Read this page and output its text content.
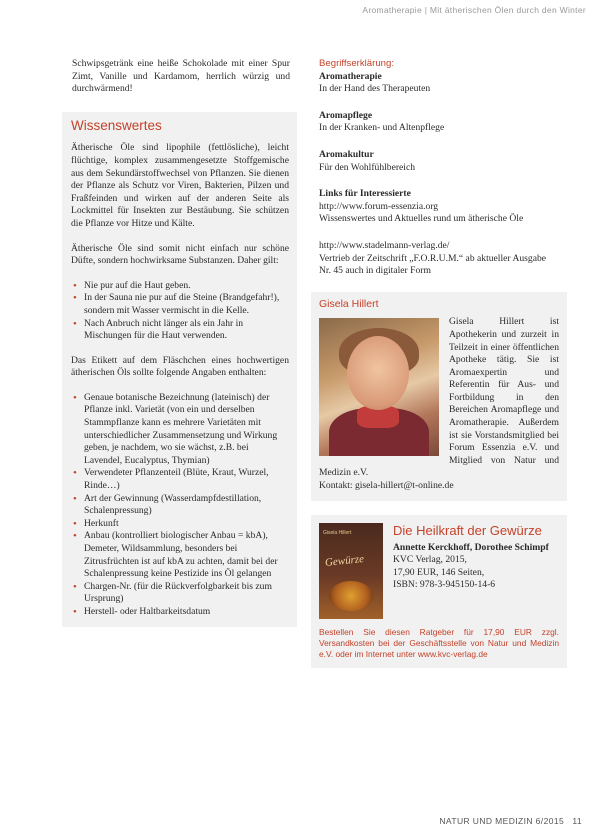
Aromatherapie | Mit ätherischen Ölen durch den Winter

Schwipsgetränk eine heiße Schokolade mit einer Spur Zimt, Vanille und Kardamom, herrlich würzig und durchwärmend!

Wissenswertes

Ätherische Öle sind lipophile (fettlösliche), leicht flüchtige, komplex zusammengesetzte Stoffgemische aus dem Sekundärstoffwechsel von Pflanzen. Sie dienen der Pflanze als Schutz vor Viren, Bakterien, Pilzen und Fraßfeinden und wirken auf der anderen Seite als Lockmittel für Insekten zur Bestäubung. Sie schützen die Pflanze vor Hitze und Kälte.

Ätherische Öle sind somit nicht einfach nur schöne Düfte, sondern hochwirksame Substanzen. Daher gilt:

• Nie pur auf die Haut geben.
• In der Sauna nie pur auf die Steine (Brandgefahr!), sondern mit Wasser vermischt in die Kelle.
• Nach Anbruch nicht länger als ein Jahr in Mischungen für die Haut verwenden.

Das Etikett auf dem Fläschchen eines hochwertigen ätherischen Öls sollte folgende Angaben enthalten:

• Genaue botanische Bezeichnung (lateinisch) der Pflanze inkl. Varietät (von ein und derselben Stammpflanze kann es mehrere Varietäten mit unterschiedlicher Zusammensetzung und Wirkung geben, je nachdem, wo sie wächst, z.B. bei Lavendel, Eucalyptus, Thymian)
• Verwendeter Pflanzenteil (Blüte, Kraut, Wurzel, Rinde…)
• Art der Gewinnung (Wasserdampfdestillation, Schalenpressung)
• Herkunft
• Anbau (kontrolliert biologischer Anbau = kbA), Demeter, Wildsammlung, besonders bei Zitrusfrüchten ist auf kbA zu achten, damit bei der Schalenpressung keine Pestizide ins Öl gelangen
• Chargen-Nr. (für die Rückverfolgbarkeit bis zum Ursprung)
• Herstell- oder Haltbarkeitsdatum
Begriffserklärung:
Aromatherapie
In der Hand des Therapeuten
Aromapflege
In der Kranken- und Altenpflege
Aromakultur
Für den Wohlfühlbereich
Links für Interessierte
http://www.forum-essenzia.org
Wissenswertes und Aktuelles rund um ätherische Öle
http://www.stadelmann-verlag.de/
Vertrieb der Zeitschrift „F.O.R.U.M.“ ab aktueller Ausgabe Nr. 45 auch in digitaler Form
Gisela Hillert

Gisela Hillert ist Apothekerin und zurzeit in Teilzeit in einer öffentlichen Apotheke tätig. Sie ist Aromaexpertin und Referentin für Aus- und Fortbildung in den Bereichen Aromapflege und Aromatherapie. Außerdem ist sie Vorstandsmitglied bei Forum Essenzia e.V. und Mitglied von Natur und Medizin e.V.

Kontakt: gisela-hillert@t-online.de

Gisela Hillert
Gewürze
Die Heilkraft der Gewürze
Annette Kerckhoff, Dorothee Schimpf
KVC Verlag, 2015,
17,90 EUR, 146 Seiten,
ISBN: 978-3-945150-14-6
Bestellen Sie diesen Ratgeber für 17,90 EUR zzgl. Versandkosten bei der Geschäftsstelle von Natur und Medizin e.V. oder im Internet unter www.kvc-verlag.de
NATUR UND MEDIZIN 6/2015 11
